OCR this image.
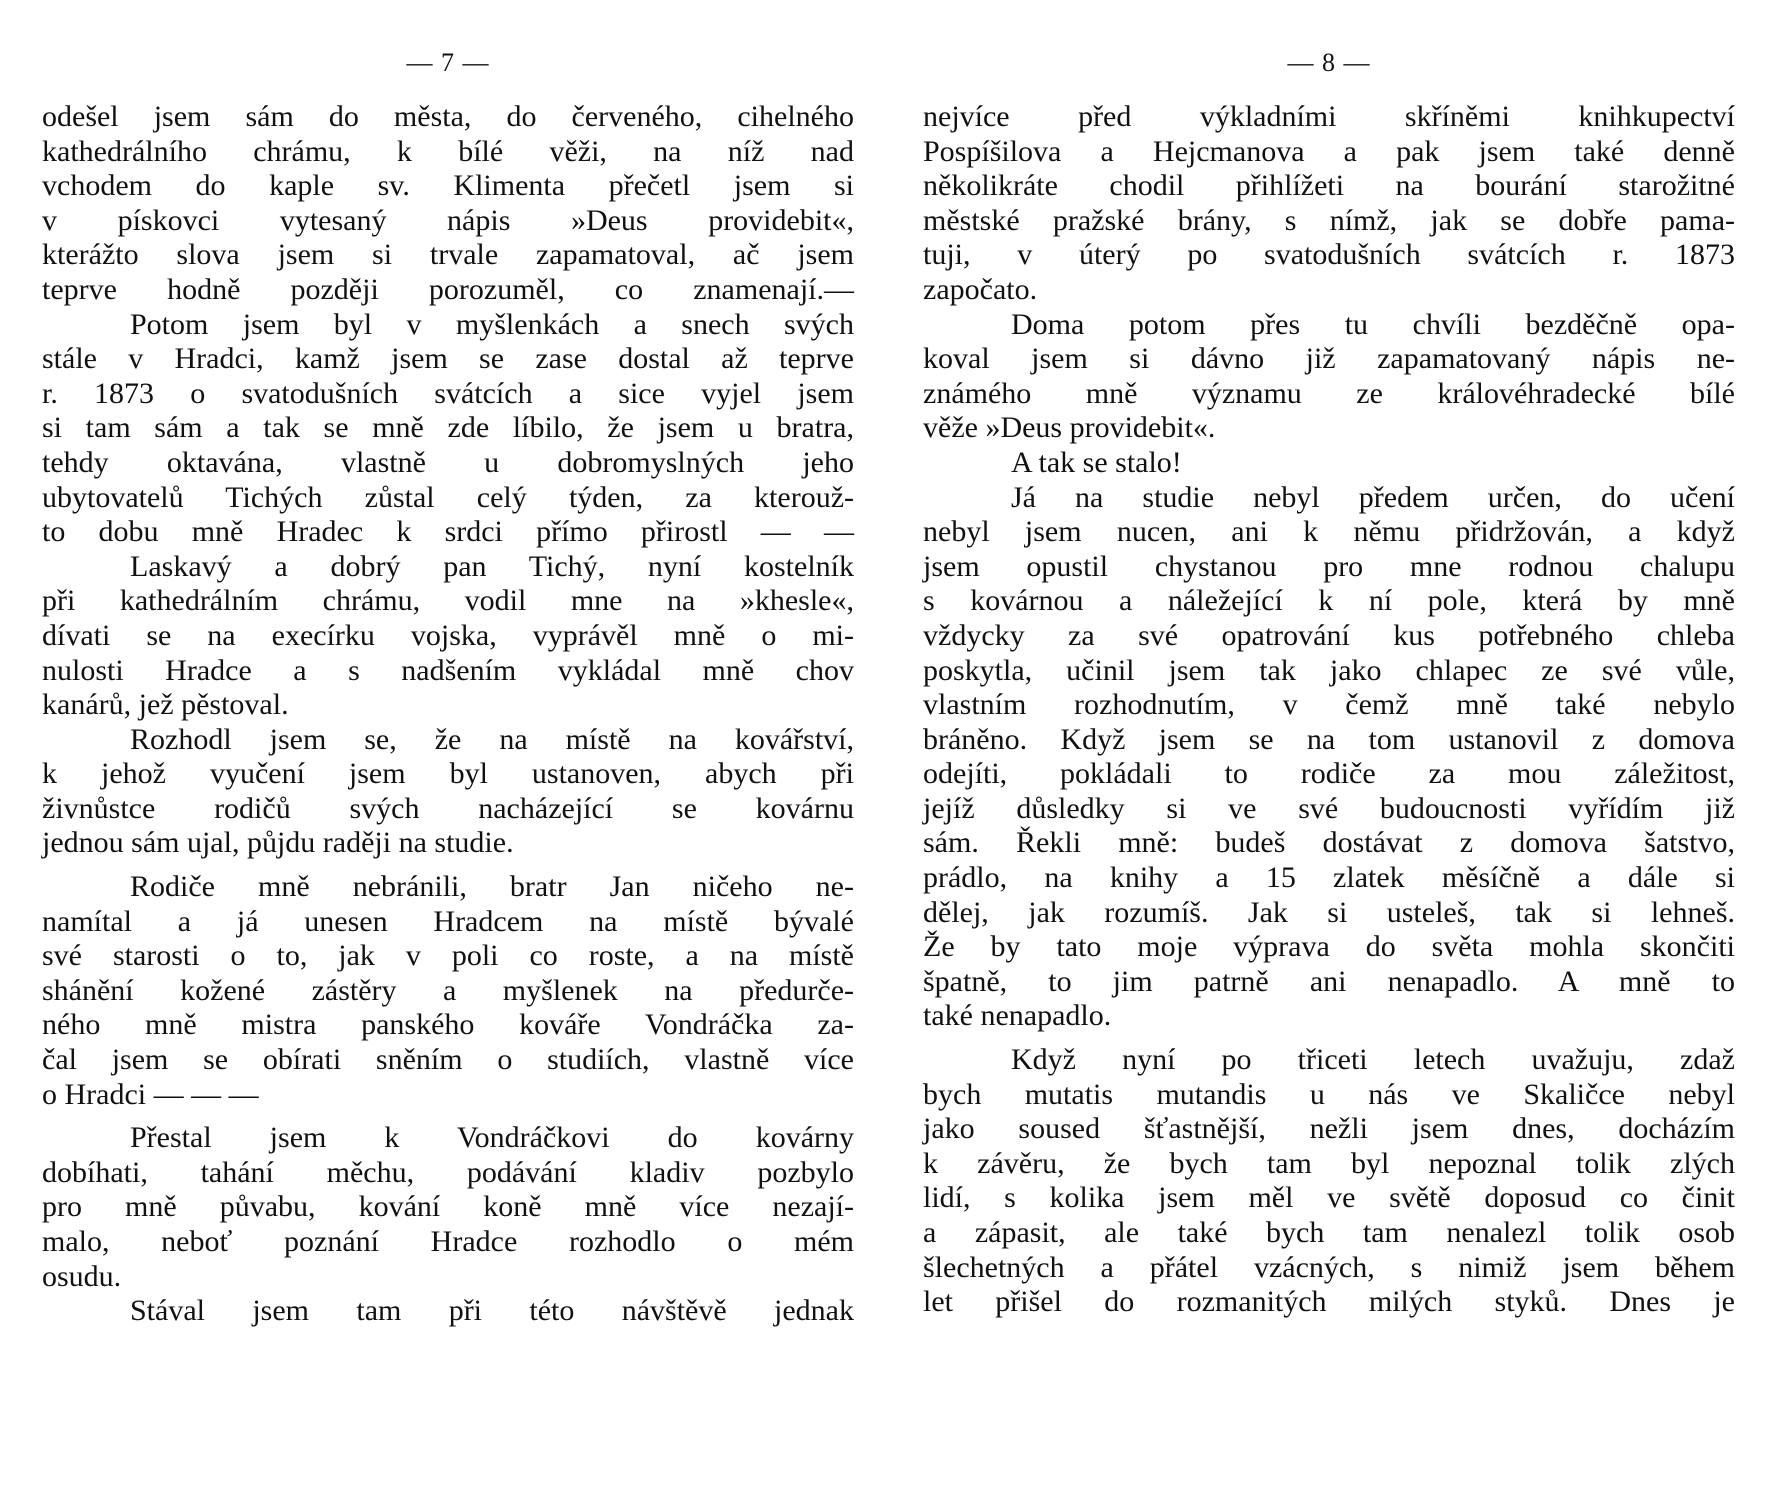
— 7 —
odešel jsem sám do města, do červeného, cihelného
kathedrálního chrámu, k bílé věži, na níž nad
vchodem do kaple sv. Klimenta přečetl jsem si
v pískovci vytesaný nápis »Deus providebit«,
kterážto slova jsem si trvale zapamatoval, ač jsem
teprve hodně později porozuměl, co znamenají.—
Potom jsem byl v myšlenkách a snech svých
stále v Hradci, kamž jsem se zase dostal až teprve
r. 1873 o svatodušních svátcích a sice vyjel jsem
si tam sám a tak se mně zde líbilo, že jsem u bratra,
tehdy oktavána, vlastně u dobromyslných jeho
ubytovatelů Tichých zůstal celý týden, za kterouž-
to dobu mně Hradec k srdci přímo přirostl — —
Laskavý a dobrý pan Tichý, nyní kostelník
při kathedrálním chrámu, vodil mne na »khesle«,
dívati se na execírku vojska, vyprávěl mně o mi-
nulosti Hradce a s nadšením vykládal mně chov
kanárů, jež pěstoval.
Rozhodl jsem se, že na místě na kovářství,
k jehož vyučení jsem byl ustanoven, abych při
živnůstce rodičů svých nacházející se kovárnu
jednou sám ujal, půjdu raději na studie.
Rodiče mně nebránili, bratr Jan ničeho ne-
namítal a já unesen Hradcem na místě bývalé
své starosti o to, jak v poli co roste, a na místě
shánění kožené zástěry a myšlenek na předurče-
ného mně mistra panského kováře Vondráčka za-
čal jsem se obírati sněním o studiích, vlastně více
o Hradci — — —
Přestal jsem k Vondráčkovi do kovárny
dobíhati, tahání měchu, podávání kladiv pozbylo
pro mně půvabu, kování koně mně více nezají-
malo, neboť poznání Hradce rozhodlo o mém
osudu.
Stával jsem tam při této návštěvě jednak
— 8 —
nejvíce před výkladními skříněmi knihkupectví
Pospíšilova a Hejcmanova a pak jsem také denně
několikráte chodil přihlížeti na bourání starožitné
městské pražské brány, s nímž, jak se dobře pama-
tuji, v úterý po svatodušních svátcích r. 1873
započato.
Doma potom přes tu chvíli bezděčně opa-
koval jsem si dávno již zapamatovaný nápis ne-
známého mně významu ze královéhradecké bílé
věže »Deus providebit«.
A tak se stalo!
Já na studie nebyl předem určen, do učení
nebyl jsem nucen, ani k němu přidržován, a když
jsem opustil chystanou pro mne rodnou chalupu
s kovárnou a náležející k ní pole, která by mně
vždycky za své opatrování kus potřebného chleba
poskytla, učinil jsem tak jako chlapec ze své vůle,
vlastním rozhodnutím, v čemž mně také nebylo
bráněno. Když jsem se na tom ustanovil z domova
odejíti, pokládali to rodiče za mou záležitost,
jejíž důsledky si ve své budoucnosti vyřídím již
sám. Řekli mně: budeš dostávat z domova šatstvo,
prádlo, na knihy a 15 zlatek měsíčně a dále si
dělej, jak rozumíš. Jak si usteleš, tak si lehneš.
Že by tato moje výprava do světa mohla skončiti
špatně, to jim patrně ani nenapadlo. A mně to
také nenapadlo.
Když nyní po třiceti letech uvažuju, zdaž
bych mutatis mutandis u nás ve Skaličce nebyl
jako soused šťastnější, nežli jsem dnes, docházím
k závěru, že bych tam byl nepoznal tolik zlých
lidí, s kolika jsem měl ve světě doposud co činit
a zápasit, ale také bych tam nenalezl tolik osob
šlechetných a přátel vzácných, s nimiž jsem během
let přišel do rozmanitých milých styků. Dnes je
